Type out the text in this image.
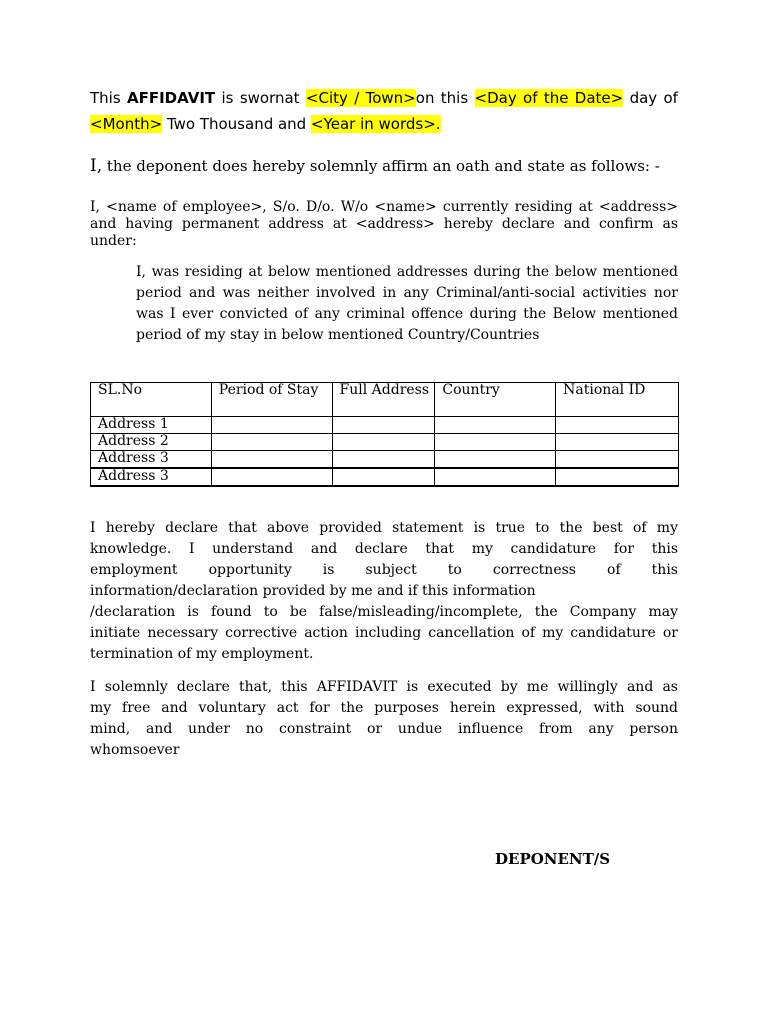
This AFFIDAVIT is swornat <City / Town>on this <Day of the Date> day of <Month> Two Thousand and <Year in words>.
I, the deponent does hereby solemnly affirm an oath and state as follows: -
I, <name of employee>, S/o. D/o. W/o <name> currently residing at <address> and having permanent address at <address> hereby declare and confirm as under:
I, was residing at below mentioned addresses during the below mentioned period and was neither involved in any Criminal/anti-social activities nor was I ever convicted of any criminal offence during the Below mentioned period of my stay in below mentioned Country/Countries
SL.No	Period of Stay	Full Address	Country	National ID
Address 1				
Address 2				
Address 3				
Address 3				
I hereby declare that above provided statement is true to the best of my
knowledge. I understand and declare that my candidature for this
employment opportunity is subject to correctness of this
information/declaration provided by me and if this information
/declaration is found to be false/misleading/incomplete, the Company may
initiate necessary corrective action including cancellation of my candidature or
termination of my employment.
I solemnly declare that, this AFFIDAVIT is executed by me willingly and as
my free and voluntary act for the purposes herein expressed, with sound
mind, and under no constraint or undue influence from any person
whomsoever
DEPONENT/S
